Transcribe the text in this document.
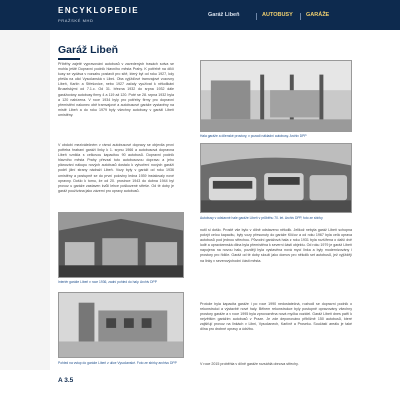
ENCYKLOPEDIE
PRAŽSKÉ MHD
Garáž Libeň	AUTOBUSY GARÁŽE
Garáž Libeň
Příběhy zajetě vypravování autobusů v zavedených trasách sotva se mohla ještě Dopravní podnik hlavního města Prahy. K potřebě na dílčí kusy se vydáva v rozsahu postavit pro sítě, který byl od roku 1927, kdy přešla na ulici Vysočanská v Libni. Oba vyjížďové tramvajové vozovny Libeň, Karlín a Střešovice, nebo 1927 začaly využívat k několikáni Bruselskými od 7.1.c. Od 31. března 1932 do srpna 1932 dále garážovány autobusy firmy 4 a 119 až 120. Poté se 28. srpna 1932 byla a 120 nabízena. V roce 1934 byly pro potřeby firmy pro dopravní přemístění nakonec obě tramvajové a autobusové garáže vystavěny na místě Libeň a do roku 1979 byly všechny autobusy v garáži Libeň umístěny.
V období meziválečném v rámci autobusové dopravy se objevila první potřeba hrabaní garáží linky k 1. srpnu 1966 a autobusová dopravna Libeň vznikla s celkovou kapacitou 90 autobusů. Dopravní podnik hlavního města Prahy převzal tuto autobusovou dopravu a jeho plánování nákupu nových autobusů dostalo k vytvoření nových garáží podél jižní strany nádraží Libeň. Vozy byly v garáži od roku 1936 umístěny a postupně se do první poloviny ledna 1939 instalovaly nové opravny. Došlo k tomu, že od 20. prosince 1943 do dubna 1944 byl provoz u garáže zastaven kvůli lehce poškozené střeše. Od té doby je garáž používána jako zázemí pro opravy autobusů.
Hala garáže a dílenské prostory, v pozadí nákladní autobusy. Archiv DPP
Autobusy v odstavné hale garáže Libeň v průběhu 70. let. Archiv DPP, foto ze sbírky
Interiér garáže Libeň v roce 1936, zadní pohled do haly. Archiv DPP
Pohled na vstup do garáže Libeň z ulice Vysočanské. Foto ze sbírky archivu DPP
nutil si došlo. Prostě vše bylo v dílně odstaveno několik. Jelikož nebyla garáž Libeň schopna pokrýt celou kapacitu, byly vozy přesunuty do garáže Klíčov a od roku 1967 byla celá oprava autobusů pod jednou střechou. Původní garážová hala z roku 1931 byla rozšířena o další dvě lodě a opravárenská dílna byla přemístěna k severní části objektu. Od roku 1979 je garáž Libeň napojena na novou halu, později byla vystavěna nová mycí linka a byly modernizovány i prostory pro řidiče. Garáž od té doby slouží jako domov pro několik set autobusů, jež vyjíždějí na linky v severovýchodní části města.
Protože byla kapacita garáže i po roce 1990 nedostatečná, rozhodl se dopravní podnik o rekonstrukci a výstavbě nové haly. Během rekonstrukce byly postupně opravovány všechny prostory garáže a v roce 1995 byla zprovozněna nová myčka vozidel. Garáž Libeň dnes patří k největším garážím autobusů v Praze. Je zde deponováno přibližně 150 autobusů, které zajišťují provoz na linkách v Libni, Vysočanech, Karlíně a Proseku. Součástí areálu je také dílna pro drobné opravy a údržbu.
V roce 2015 proběhla v dílně garáže rozsáhlá obnova střechy.
A 3.5
